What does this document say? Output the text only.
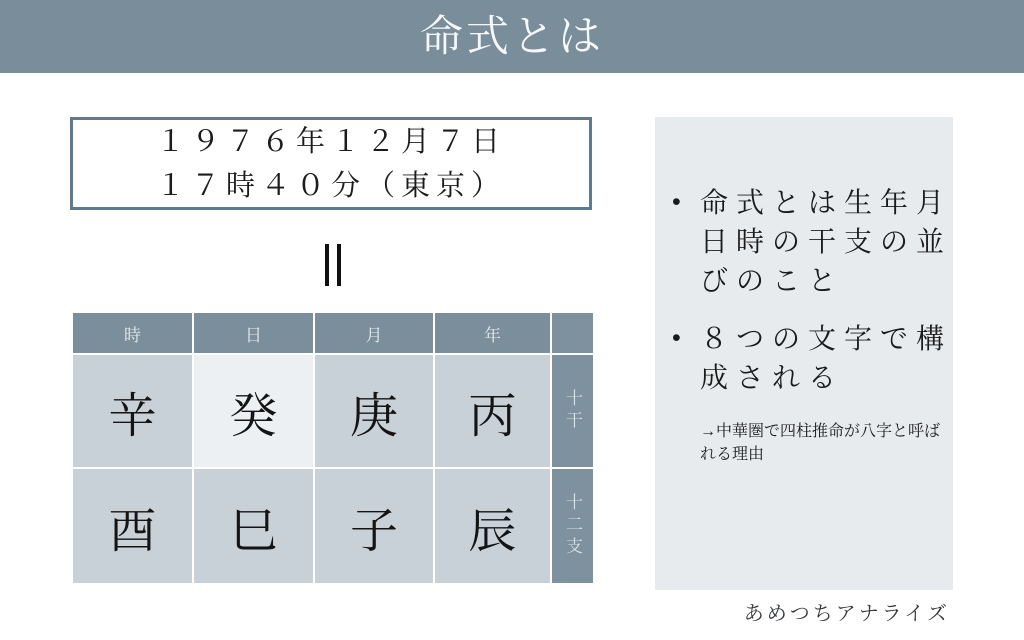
命式とは
１９７６年１２月７日
１７時４０分（東京）
時	日	月	年
辛	癸	庚	丙	十干
酉	巳	子	辰	十二支
• 命式とは生年月日時の干支の並びのこと
• ８つの文字で構成される
→中華圏で四柱推命が八字と呼ばれる理由
あめつちアナライズ
